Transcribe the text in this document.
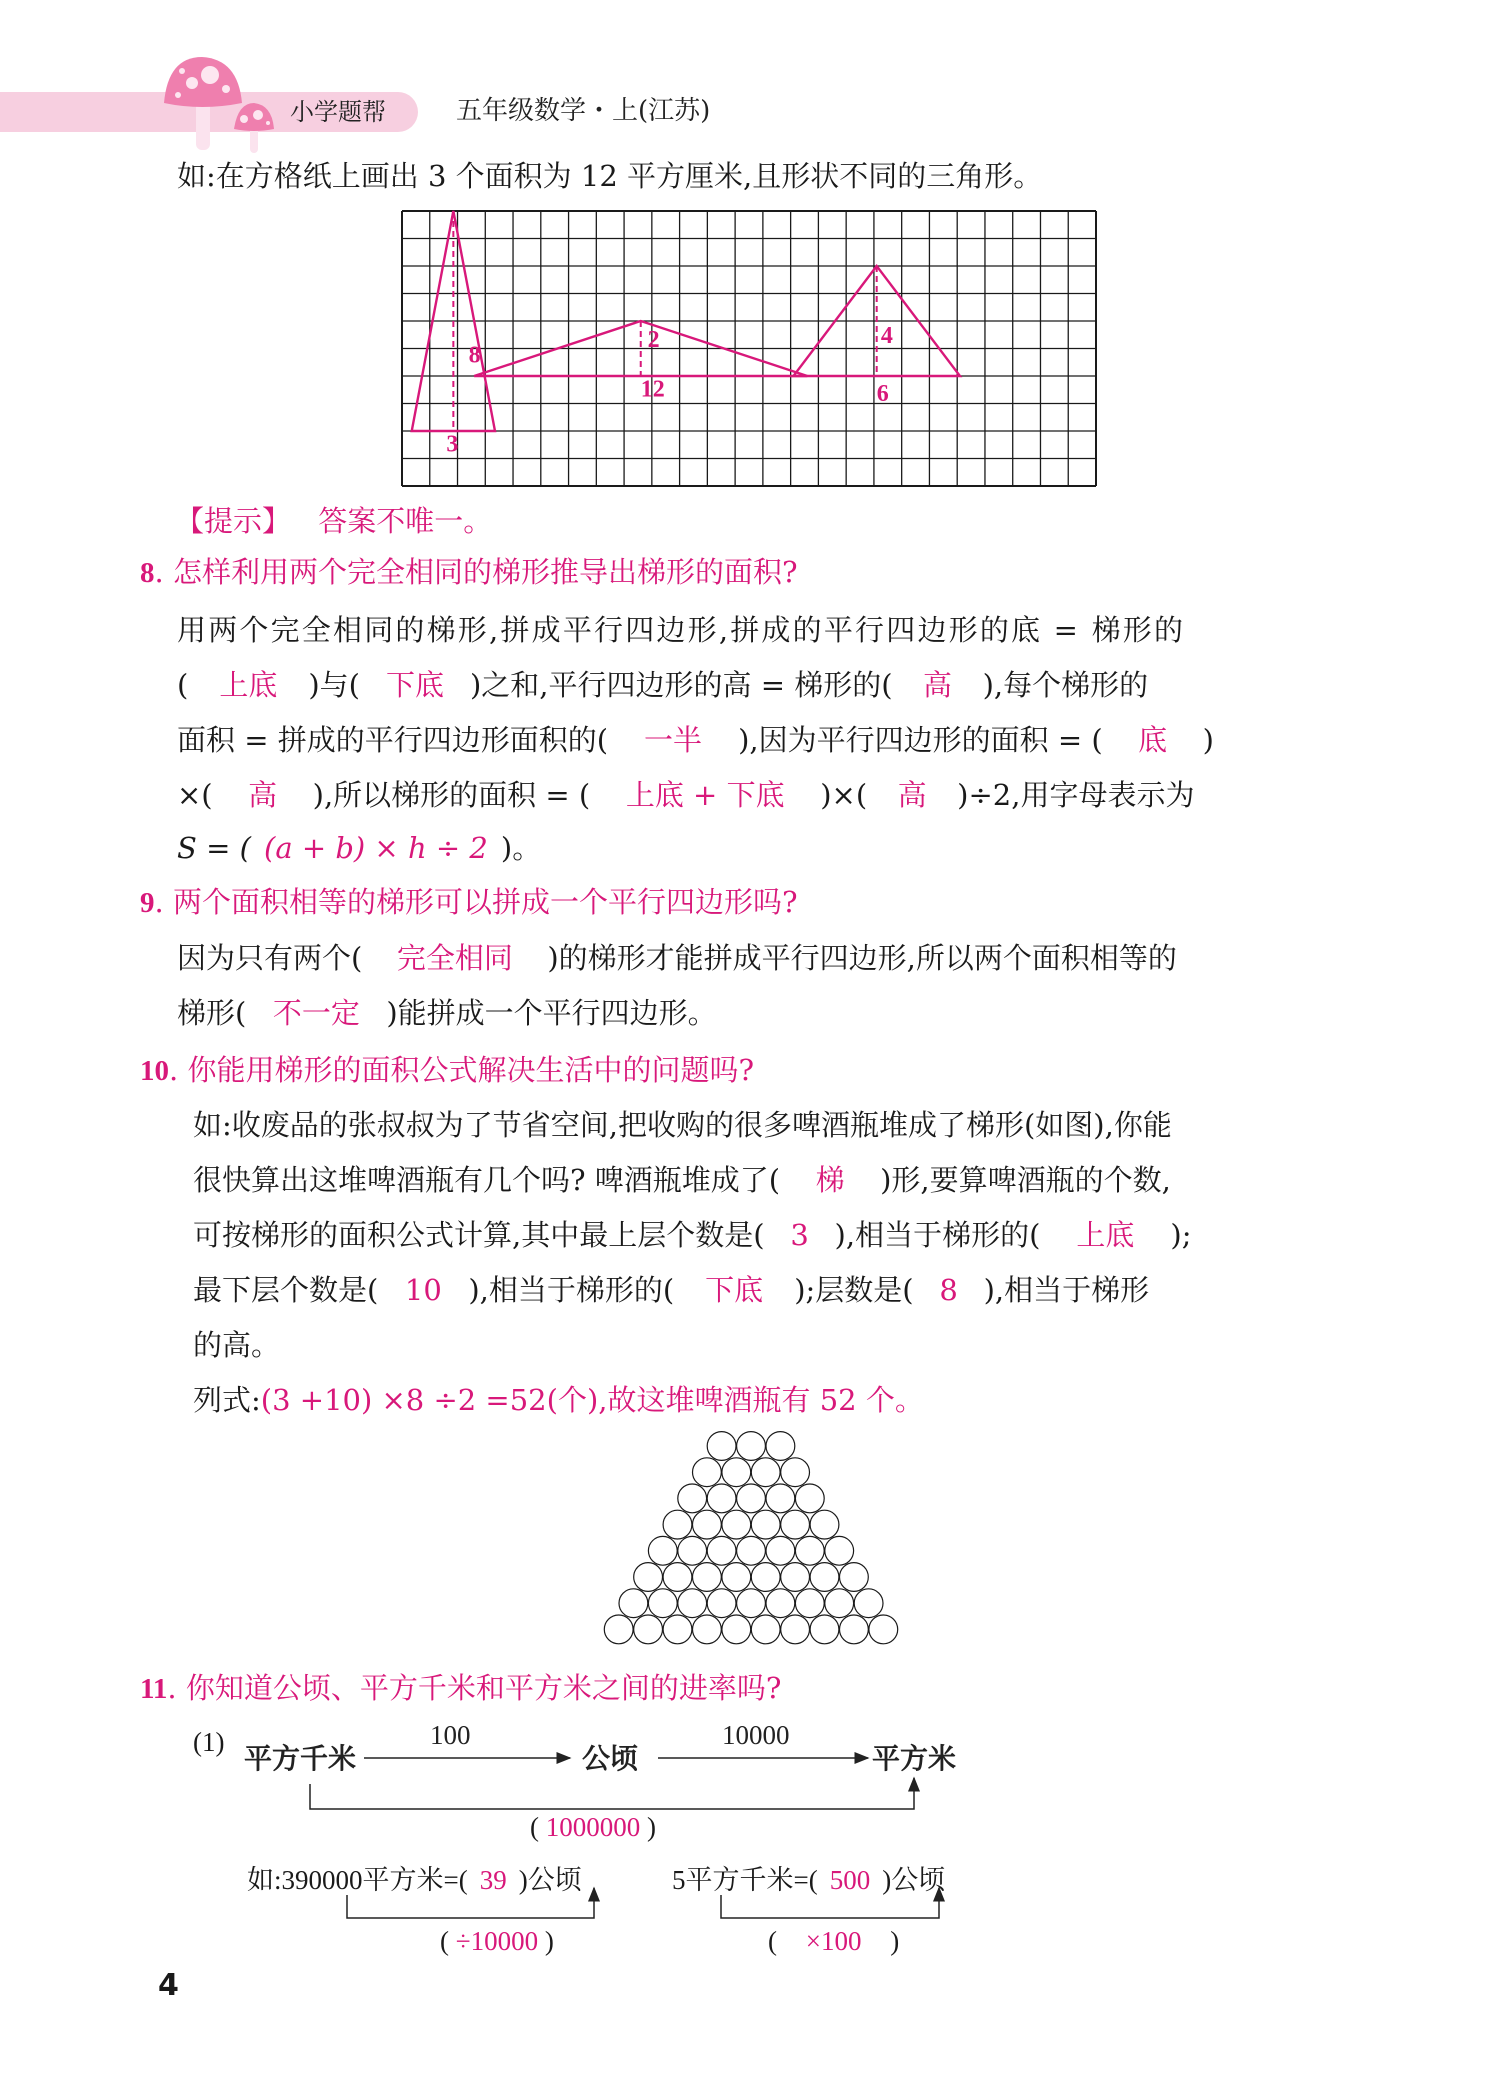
小学题帮	五年级数学・上(江苏)
如:在方格纸上画出 3 个面积为 12 平方厘米,且形状不同的三角形。
8
3
2
12
4
6
【提示】 答案不唯一。
8. 怎样利用两个完全相同的梯形推导出梯形的面积?
用两个完全相同的梯形,拼成平行四边形,拼成的平行四边形的底 = 梯形的
( 上底 )与( 下底 )之和,平行四边形的高 = 梯形的( 高 ),每个梯形的
面积 = 拼成的平行四边形面积的( 一半 ),因为平行四边形的面积 = ( 底 )
×( 高 ),所以梯形的面积 = ( 上底 + 下底 )×( 高 )÷2,用字母表示为
S = ( (a + b) × h ÷ 2 )。
9. 两个面积相等的梯形可以拼成一个平行四边形吗?
因为只有两个( 完全相同 )的梯形才能拼成平行四边形,所以两个面积相等的
梯形( 不一定 )能拼成一个平行四边形。
10. 你能用梯形的面积公式解决生活中的问题吗?
如:收废品的张叔叔为了节省空间,把收购的很多啤酒瓶堆成了梯形(如图),你能
很快算出这堆啤酒瓶有几个吗? 啤酒瓶堆成了( 梯 )形,要算啤酒瓶的个数,
可按梯形的面积公式计算,其中最上层个数是( 3 ),相当于梯形的( 上底 );
最下层个数是( 10 ),相当于梯形的( 下底 );层数是( 8 ),相当于梯形
的高。
列式:(3 +10) ×8 ÷2 =52(个),故这堆啤酒瓶有 52 个。
11. 你知道公顷、平方千米和平方米之间的进率吗?
(1) 平方千米
100
公顷
10000
平方米
( 1000000 )
如:390000平方米=( 39 )公顷
( ÷10000 )
5平方千米=( 500 )公顷
( ×100 )
4
